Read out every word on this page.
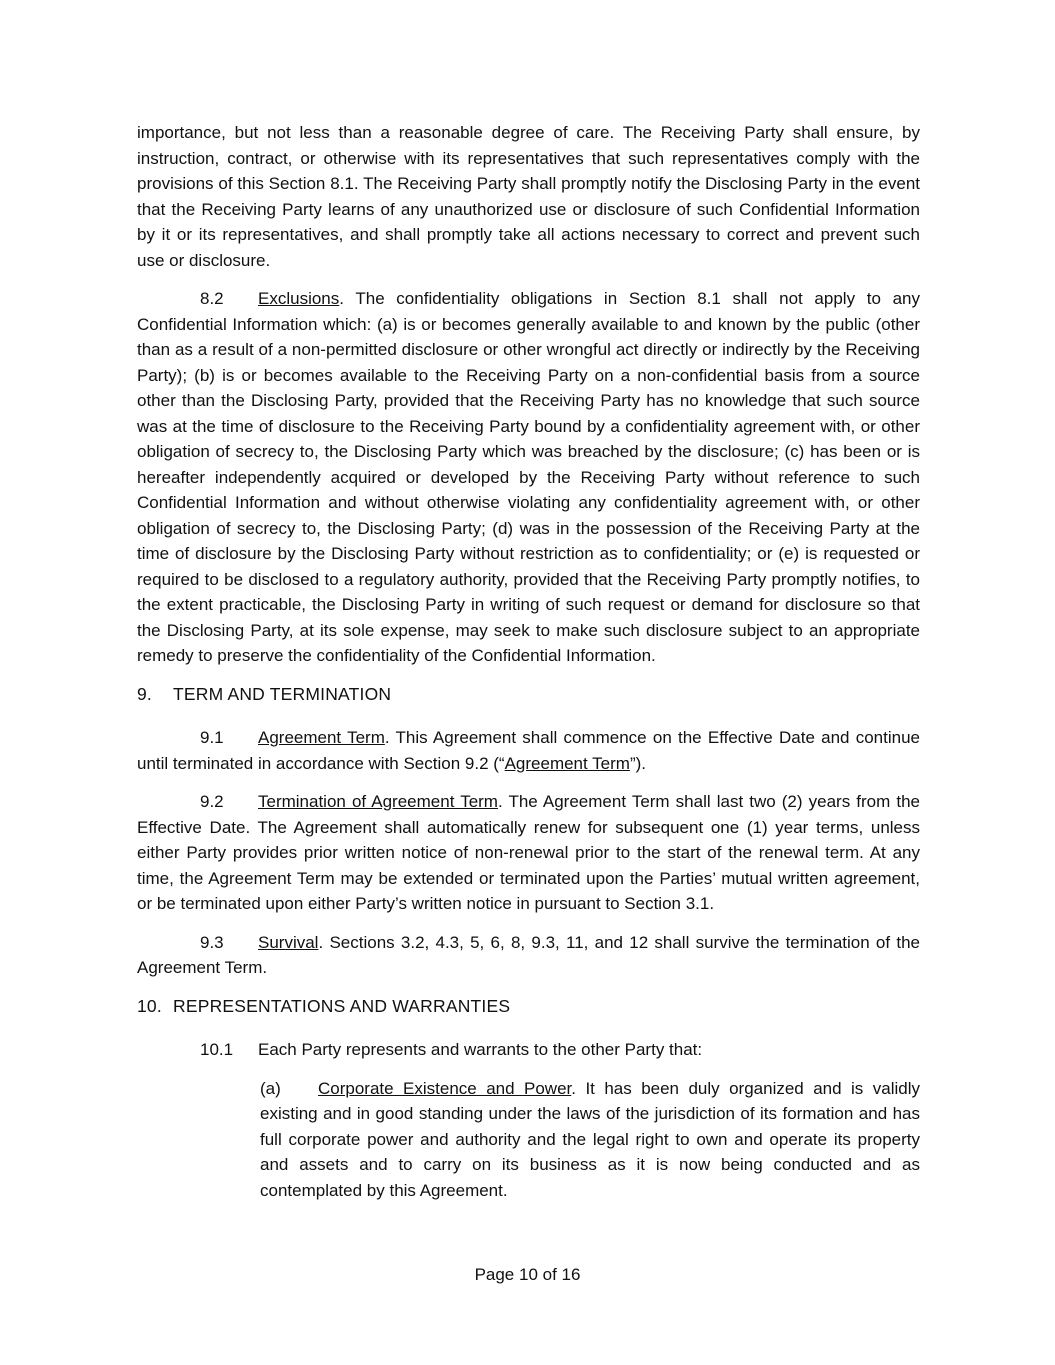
importance, but not less than a reasonable degree of care. The Receiving Party shall ensure, by instruction, contract, or otherwise with its representatives that such representatives comply with the provisions of this Section 8.1. The Receiving Party shall promptly notify the Disclosing Party in the event that the Receiving Party learns of any unauthorized use or disclosure of such Confidential Information by it or its representatives, and shall promptly take all actions necessary to correct and prevent such use or disclosure.

8.2 Exclusions. The confidentiality obligations in Section 8.1 shall not apply to any Confidential Information which: (a) is or becomes generally available to and known by the public (other than as a result of a non-permitted disclosure or other wrongful act directly or indirectly by the Receiving Party); (b) is or becomes available to the Receiving Party on a non-confidential basis from a source other than the Disclosing Party, provided that the Receiving Party has no knowledge that such source was at the time of disclosure to the Receiving Party bound by a confidentiality agreement with, or other obligation of secrecy to, the Disclosing Party which was breached by the disclosure; (c) has been or is hereafter independently acquired or developed by the Receiving Party without reference to such Confidential Information and without otherwise violating any confidentiality agreement with, or other obligation of secrecy to, the Disclosing Party; (d) was in the possession of the Receiving Party at the time of disclosure by the Disclosing Party without restriction as to confidentiality; or (e) is requested or required to be disclosed to a regulatory authority, provided that the Receiving Party promptly notifies, to the extent practicable, the Disclosing Party in writing of such request or demand for disclosure so that the Disclosing Party, at its sole expense, may seek to make such disclosure subject to an appropriate remedy to preserve the confidentiality of the Confidential Information.

9. TERM AND TERMINATION

9.1 Agreement Term. This Agreement shall commence on the Effective Date and continue until terminated in accordance with Section 9.2 (“Agreement Term”).

9.2 Termination of Agreement Term. The Agreement Term shall last two (2) years from the Effective Date. The Agreement shall automatically renew for subsequent one (1) year terms, unless either Party provides prior written notice of non-renewal prior to the start of the renewal term. At any time, the Agreement Term may be extended or terminated upon the Parties’ mutual written agreement, or be terminated upon either Party’s written notice in pursuant to Section 3.1.

9.3 Survival. Sections 3.2, 4.3, 5, 6, 8, 9.3, 11, and 12 shall survive the termination of the Agreement Term.

10. REPRESENTATIONS AND WARRANTIES

10.1 Each Party represents and warrants to the other Party that:

(a) Corporate Existence and Power. It has been duly organized and is validly existing and in good standing under the laws of the jurisdiction of its formation and has full corporate power and authority and the legal right to own and operate its property and assets and to carry on its business as it is now being conducted and as contemplated by this Agreement.

Page 10 of 16
